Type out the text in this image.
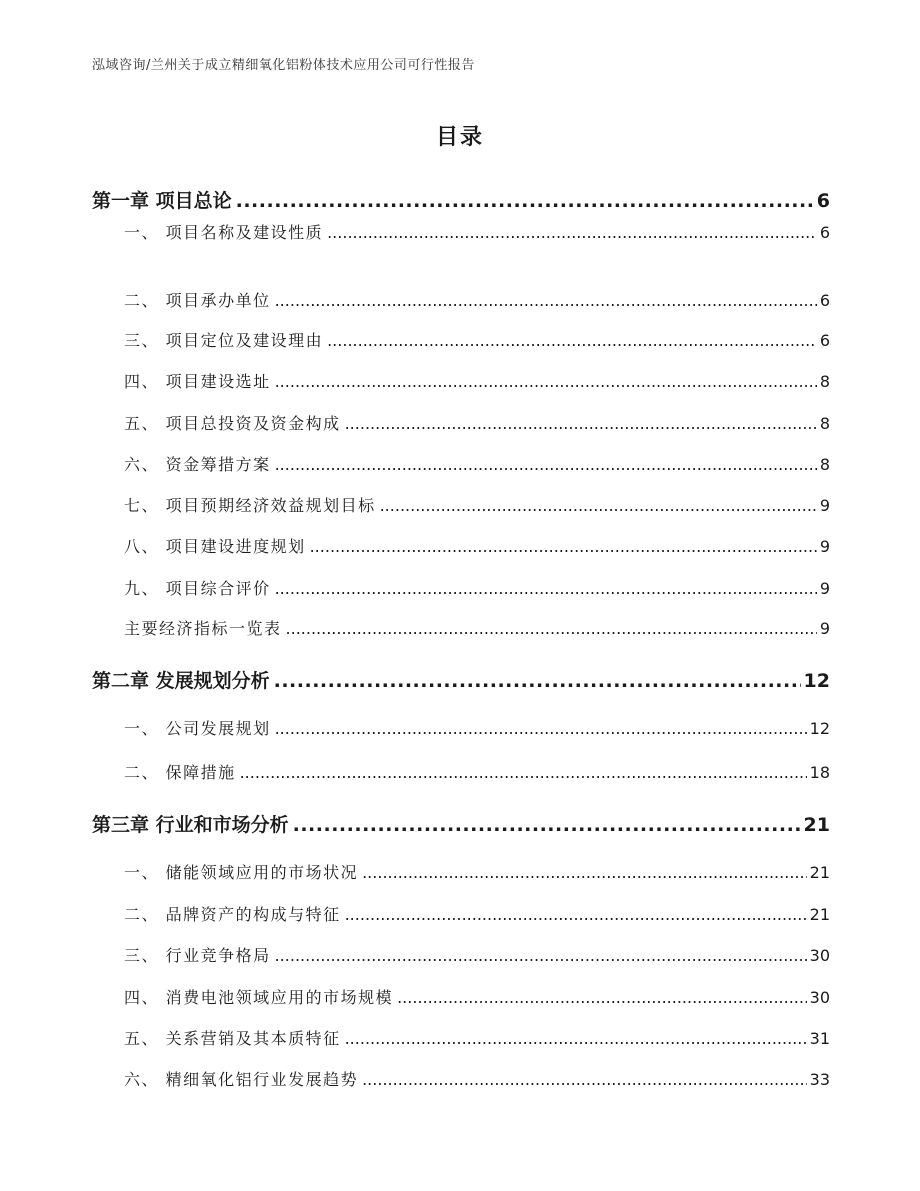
泓域咨询/兰州关于成立精细氧化铝粉体技术应用公司可行性报告
目录
第一章 项目总论 .....	6
一、 项目名称及建设性质 .....	6
二、 项目承办单位 .....	6
三、 项目定位及建设理由 .....	6
四、 项目建设选址 .....	8
五、 项目总投资及资金构成 .....	8
六、 资金筹措方案 .....	8
七、 项目预期经济效益规划目标 .....	9
八、 项目建设进度规划 .....	9
九、 项目综合评价 .....	9
主要经济指标一览表 .....	9
第二章 发展规划分析 .....	12
一、 公司发展规划 .....	12
二、 保障措施 .....	18
第三章 行业和市场分析 .....	21
一、 储能领域应用的市场状况 .....	21
二、 品牌资产的构成与特征 .....	21
三、 行业竞争格局 .....	30
四、 消费电池领域应用的市场规模 .....	30
五、 关系营销及其本质特征 .....	31
六、 精细氧化铝行业发展趋势 .....	33
